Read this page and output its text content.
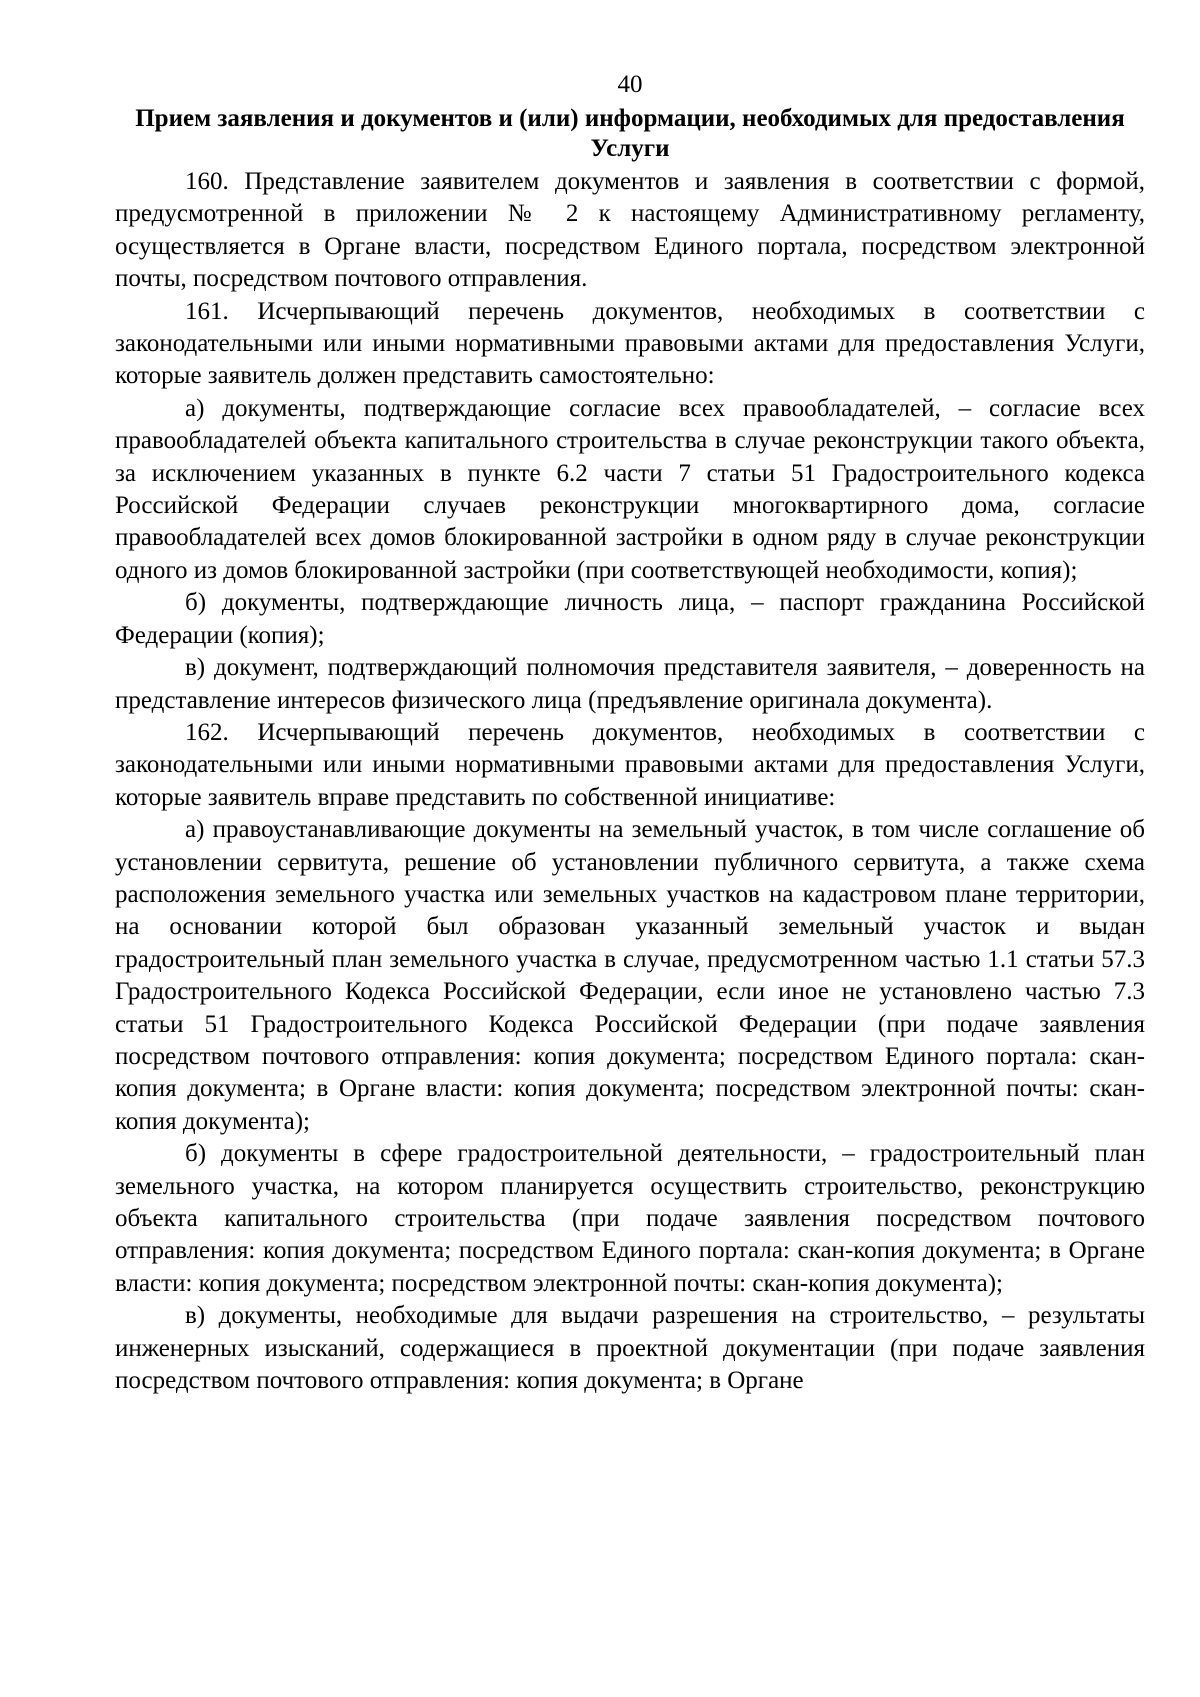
40
Прием заявления и документов и (или) информации, необходимых для предоставления Услуги

160. Представление заявителем документов и заявления в соответствии с формой, предусмотренной в приложении № 2 к настоящему Административному регламенту, осуществляется в Органе власти, посредством Единого портала, посредством электронной почты, посредством почтового отправления.

161. Исчерпывающий перечень документов, необходимых в соответствии с законодательными или иными нормативными правовыми актами для предоставления Услуги, которые заявитель должен представить самостоятельно:

а) документы, подтверждающие согласие всех правообладателей, – согласие всех правообладателей объекта капитального строительства в случае реконструкции такого объекта, за исключением указанных в пункте 6.2 части 7 статьи 51 Градостроительного кодекса Российской Федерации случаев реконструкции многоквартирного дома, согласие правообладателей всех домов блокированной застройки в одном ряду в случае реконструкции одного из домов блокированной застройки (при соответствующей необходимости, копия);

б) документы, подтверждающие личность лица, – паспорт гражданина Российской Федерации (копия);

в) документ, подтверждающий полномочия представителя заявителя, – доверенность на представление интересов физического лица (предъявление оригинала документа).

162. Исчерпывающий перечень документов, необходимых в соответствии с законодательными или иными нормативными правовыми актами для предоставления Услуги, которые заявитель вправе представить по собственной инициативе:

а) правоустанавливающие документы на земельный участок, в том числе соглашение об установлении сервитута, решение об установлении публичного сервитута, а также схема расположения земельного участка или земельных участков на кадастровом плане территории, на основании которой был образован указанный земельный участок и выдан градостроительный план земельного участка в случае, предусмотренном частью 1.1 статьи 57.3 Градостроительного Кодекса Российской Федерации, если иное не установлено частью 7.3 статьи 51 Градостроительного Кодекса Российской Федерации (при подаче заявления посредством почтового отправления: копия документа; посредством Единого портала: скан-копия документа; в Органе власти: копия документа; посредством электронной почты: скан-копия документа);

б) документы в сфере градостроительной деятельности, – градостроительный план земельного участка, на котором планируется осуществить строительство, реконструкцию объекта капитального строительства (при подаче заявления посредством почтового отправления: копия документа; посредством Единого портала: скан-копия документа; в Органе власти: копия документа; посредством электронной почты: скан-копия документа);

в) документы, необходимые для выдачи разрешения на строительство, – результаты инженерных изысканий, содержащиеся в проектной документации (при подаче заявления посредством почтового отправления: копия документа; в Органе
